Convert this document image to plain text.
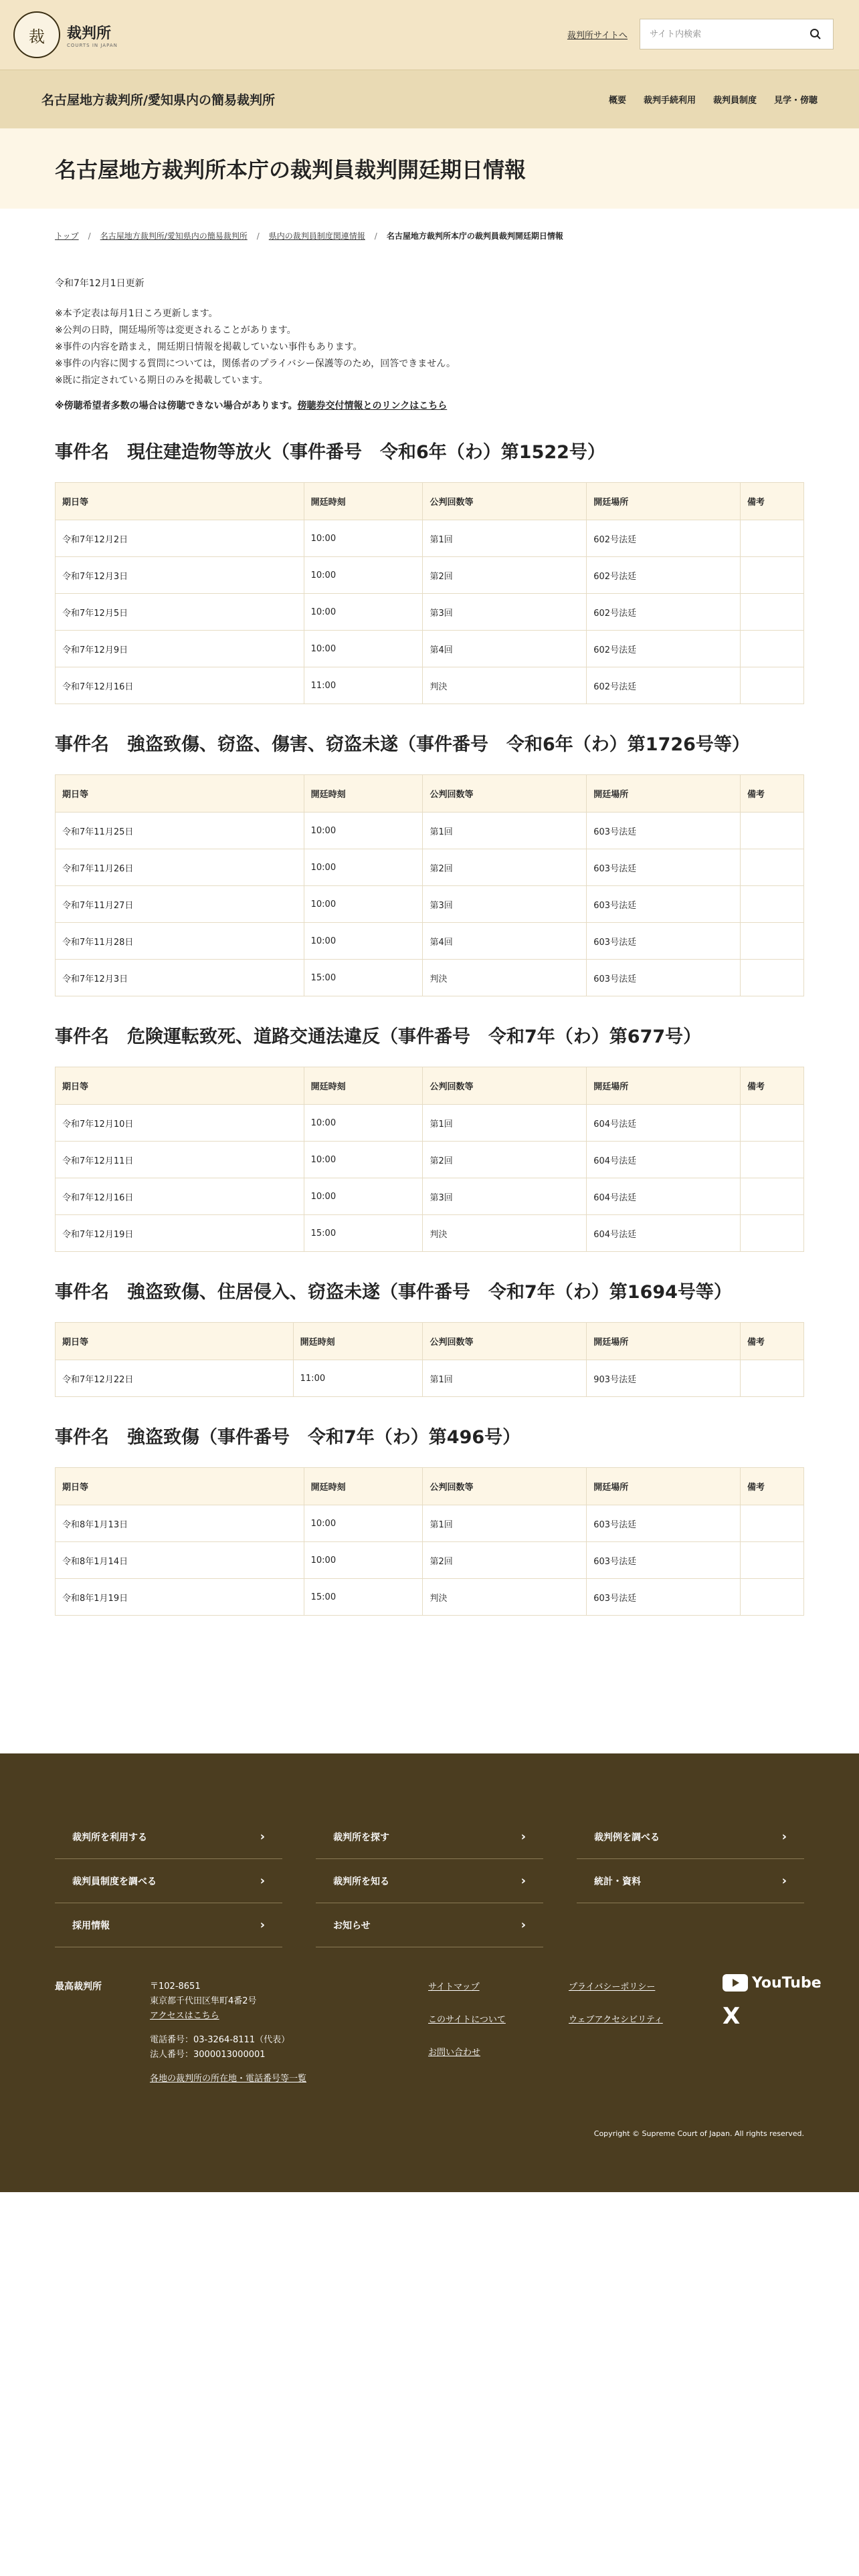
裁	裁判所
COURTS IN JAPAN
裁判所サイトへ
サイト内検索
名古屋地方裁判所/愛知県内の簡易裁判所	概要 裁判手続利用 裁判員制度 見学・傍聴
名古屋地方裁判所本庁の裁判員裁判開廷期日情報
トップ / 名古屋地方裁判所/愛知県内の簡易裁判所 / 県内の裁判員制度関連情報 / 名古屋地方裁判所本庁の裁判員裁判開廷期日情報

令和7年12月1日更新

※本予定表は毎月1日ころ更新します。

※公判の日時，開廷場所等は変更されることがあります。

※事件の内容を踏まえ，開廷期日情報を掲載していない事件もあります。

※事件の内容に関する質問については，関係者のプライバシー保護等のため，回答できません。

※既に指定されている期日のみを掲載しています。

※傍聴希望者多数の場合は傍聴できない場合があります。傍聴券交付情報とのリンクはこちら

事件名　現住建造物等放火（事件番号　令和6年（わ）第1522号）
期日等	開廷時刻	公判回数等	開廷場所	備考
令和7年12月2日	10:00	第1回	602号法廷	
令和7年12月3日	10:00	第2回	602号法廷	
令和7年12月5日	10:00	第3回	602号法廷	
令和7年12月9日	10:00	第4回	602号法廷	
令和7年12月16日	11:00	判決	602号法廷	
事件名　強盗致傷、窃盗、傷害、窃盗未遂（事件番号　令和6年（わ）第1726号等）
期日等	開廷時刻	公判回数等	開廷場所	備考
令和7年11月25日	10:00	第1回	603号法廷	
令和7年11月26日	10:00	第2回	603号法廷	
令和7年11月27日	10:00	第3回	603号法廷	
令和7年11月28日	10:00	第4回	603号法廷	
令和7年12月3日	15:00	判決	603号法廷	
事件名　危険運転致死、道路交通法違反（事件番号　令和7年（わ）第677号）
期日等	開廷時刻	公判回数等	開廷場所	備考
令和7年12月10日	10:00	第1回	604号法廷	
令和7年12月11日	10:00	第2回	604号法廷	
令和7年12月16日	10:00	第3回	604号法廷	
令和7年12月19日	15:00	判決	604号法廷	
事件名　強盗致傷、住居侵入、窃盗未遂（事件番号　令和7年（わ）第1694号等）
期日等	開廷時刻	公判回数等	開廷場所	備考
令和7年12月22日	11:00	第1回	903号法廷	
事件名　強盗致傷（事件番号　令和7年（わ）第496号）
期日等	開廷時刻	公判回数等	開廷場所	備考
令和8年1月13日	10:00	第1回	603号法廷	
令和8年1月14日	10:00	第2回	603号法廷	
令和8年1月19日	15:00	判決	603号法廷	
裁判所を利用する	›	裁判所を探す	›	裁判例を調べる	›
裁判員制度を調べる	›	裁判所を知る	›	統計・資料	›
採用情報	›	お知らせ	›
最高裁判所	〒102-8651

東京都千代田区隼町4番2号

アクセスはこちら

電話番号：03-3264-8111（代表）

法人番号：3000013000001

各地の裁判所の所在地・電話番号等一覧
サイトマップ
このサイトについて
お問い合わせ
プライバシーポリシー
ウェブアクセシビリティ
YouTube
X
Copyright © Supreme Court of Japan. All rights reserved.
